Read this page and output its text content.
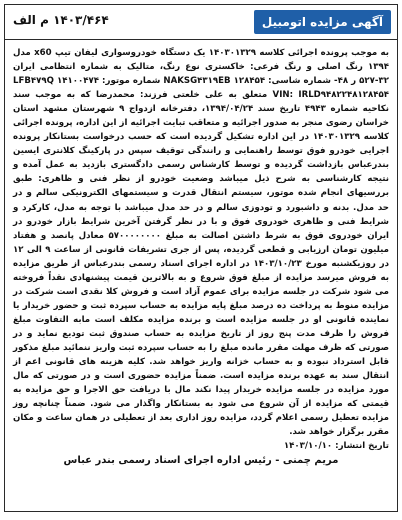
آگهی مزایده اتومبیل
۱۴۰۳/۴۶۴ م الف

به موجب پرونده اجرائی کلاسه ۱۴۰۳۰۱۳۲۹ یک دستگاه خودروسواری لیفان تیپ x60 مدل ۱۳۹۴ رنگ اصلی و رنگ فرعی: خاکستری نوع رنگ، متالیک به شماره انتظامی ایران ۳۲-۵۲۷ ر ۴۸- شماره شاسی: NAKSG۴۳۱۹EB ۱۲۸۴۵۴ شماره موتور: LFB۴۷۹Q ۱۴۱۰۰۴۷۴ VIN: IRLD۹۴۸۲۲۴۸۱۲۸۴۵۴ متعلق به علی خلعتی فرزند: محمدرضا که به موجب سند نکاحیه شماره ۴۹۴۳ تاریخ سند ۱۳۹۴/۰۴/۲۴، دفترخانه ازدواج ۹ شهرستان مشهد استان خراسان رضوی منجر به صدور اجرائیه و متعاقب تبایت اجرائیه از این اداره، پرونده اجرائی کلاسه ۱۴۰۳۰۱۳۲۹ در این اداره تشکیل گردیده است که حسب درخواست بستانکار پرونده اجرایی خودرو فوق توسط راهنمایی و رانندگی توقیف سپس در پارکینگ کلانتری ایسین بندرعباس بازداشت گردیده و توسط کارشناس رسمی دادگستری بازدید به عمل آمده و نتیجه کارشناسی به شرح ذیل میباشد وضعیت خودرو از نظر فنی و ظاهری: طبق بررسیهای انجام شده موتور، سیستم انتقال قدرت و سیستمهای الکترونیکی سالم و در حد مدل. بدنه و داشبورد و تودوزی سالم و در حد مدل میباشد با توجه به مدل، کارکرد و شرایط فنی و ظاهری خودروی فوق و با در نظر گرفتن آخرین شرایط بازار خودرو در ایران خودروی فوق به شرط داشتن اصالت به مبلغ ۵۷۰۰۰۰۰۰۰۰ معادل پانصد و هفتاد میلیون تومان ارزیابی و قطعی گردیده، پس از جری تشریفات قانونی از ساعت ۹ الی ۱۲ در روزیکشنبه مورخ ۱۴۰۳/۱۰/۲۳ در اداره اجرای اسناد رسمی بندرعباس از طریق مزایده به فروش میرسد مزایده از مبلغ فوق شروع و به بالاترین قیمت پیشنهادی نقداً فروخته می شود شرکت در جلسه مزایده برای عموم آزاد است و فروش کلا نقدی است شرکت در مزایده منوط به پرداخت ده درصد مبلغ پایه مزایده به حساب سپرده ثبت و حضور خریدار یا نماینده قانونی او در جلسه مزایده است و برنده مزایده مکلف است مابه التفاوت مبلغ فروش را ظرف مدت پنج روز از تاریخ مزایده به حساب صندوق ثبت تودیع نماید و در صورتی که ظرف مهلت مقرر مانده مبلغ را به حساب سپرده ثبت واریز ننمائید مبلغ مذکور قابل استرداد نبوده و به حساب خزانه واریز خواهد شد. کلیه هزینه های قانونی اعم از انتقال سند به عهده برنده مزایده است. ضمناً مزایده حضوری است و در صورتی که مال مورد مزایده در جلسه مزایده خریدار پیدا نکند مال با دریافت حق الاجرا و حق مزایده به قیمتی که مزایده از آن شروع می شود به بستانکار واگذار می شود. ضمناً چنانچه روز مزایده تعطیل رسمی اعلام گردد، مزایده روز اداری بعد از تعطیلی در همان ساعت و مکان مقرر برگزار خواهد شد.

تاریخ انتشار: ۱۴۰۳/۱۰/۱۰

مریم چمنی - رئیس اداره اجرای اسناد رسمی بندر عباس
